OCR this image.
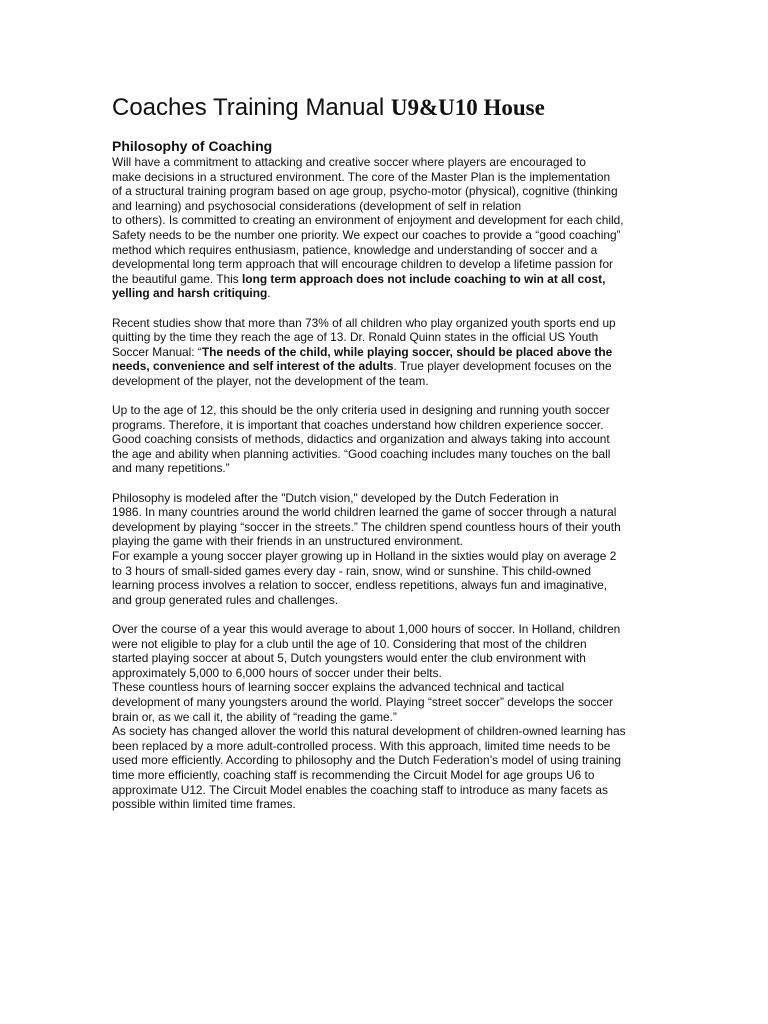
Coaches Training Manual U9&U10 House
Philosophy of Coaching

Will have a commitment to attacking and creative soccer where players are encouraged to
make decisions in a structured environment. The core of the Master Plan is the implementation
of a structural training program based on age group, psycho-motor (physical), cognitive (thinking
and learning) and psychosocial considerations (development of self in relation
to others). Is committed to creating an environment of enjoyment and development for each child,
Safety needs to be the number one priority. We expect our coaches to provide a “good coaching”
method which requires enthusiasm, patience, knowledge and understanding of soccer and a
developmental long term approach that will encourage children to develop a lifetime passion for
the beautiful game. This long term approach does not include coaching to win at all cost,
yelling and harsh critiquing.

Recent studies show that more than 73% of all children who play organized youth sports end up
quitting by the time they reach the age of 13. Dr. Ronald Quinn states in the official US Youth
Soccer Manual: “The needs of the child, while playing soccer, should be placed above the
needs, convenience and self interest of the adults. True player development focuses on the
development of the player, not the development of the team.

Up to the age of 12, this should be the only criteria used in designing and running youth soccer
programs. Therefore, it is important that coaches understand how children experience soccer.
Good coaching consists of methods, didactics and organization and always taking into account
the age and ability when planning activities. “Good coaching includes many touches on the ball
and many repetitions.”

Philosophy is modeled after the "Dutch vision," developed by the Dutch Federation in
1986. In many countries around the world children learned the game of soccer through a natural
development by playing “soccer in the streets.” The children spend countless hours of their youth
playing the game with their friends in an unstructured environment.
For example a young soccer player growing up in Holland in the sixties would play on average 2
to 3 hours of small-sided games every day - rain, snow, wind or sunshine. This child-owned
learning process involves a relation to soccer, endless repetitions, always fun and imaginative,
and group generated rules and challenges.

Over the course of a year this would average to about 1,000 hours of soccer. In Holland, children
were not eligible to play for a club until the age of 10. Considering that most of the children
started playing soccer at about 5, Dutch youngsters would enter the club environment with
approximately 5,000 to 6,000 hours of soccer under their belts.
These countless hours of learning soccer explains the advanced technical and tactical
development of many youngsters around the world. Playing “street soccer” develops the soccer
brain or, as we call it, the ability of “reading the game.”
As society has changed allover the world this natural development of children-owned learning has
been replaced by a more adult-controlled process. With this approach, limited time needs to be
used more efficiently. According to philosophy and the Dutch Federation’s model of using training
time more efficiently, coaching staff is recommending the Circuit Model for age groups U6 to
approximate U12. The Circuit Model enables the coaching staff to introduce as many facets as
possible within limited time frames.
